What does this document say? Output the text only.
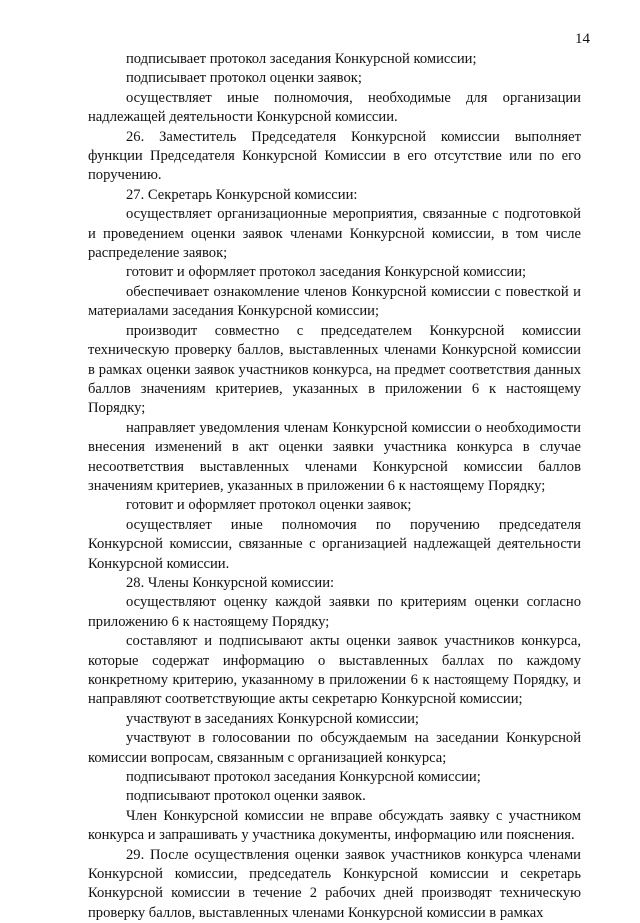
14

подписывает протокол заседания Конкурсной комиссии;

подписывает протокол оценки заявок;

осуществляет иные полномочия, необходимые для организации надлежащей деятельности Конкурсной комиссии.

26. Заместитель Председателя Конкурсной комиссии выполняет функции Председателя Конкурсной Комиссии в его отсутствие или по его поручению.

27. Секретарь Конкурсной комиссии:

осуществляет организационные мероприятия, связанные с подготовкой и проведением оценки заявок членами Конкурсной комиссии, в том числе распределение заявок;

готовит и оформляет протокол заседания Конкурсной комиссии;

обеспечивает ознакомление членов Конкурсной комиссии с повесткой и материалами заседания Конкурсной комиссии;

производит совместно с председателем Конкурсной комиссии техническую проверку баллов, выставленных членами Конкурсной комиссии в рамках оценки заявок участников конкурса, на предмет соответствия данных баллов значениям критериев, указанных в приложении 6 к настоящему Порядку;

направляет уведомления членам Конкурсной комиссии о необходимости внесения изменений в акт оценки заявки участника конкурса в случае несоответствия выставленных членами Конкурсной комиссии баллов значениям критериев, указанных в приложении 6 к настоящему Порядку;

готовит и оформляет протокол оценки заявок;

осуществляет иные полномочия по поручению председателя Конкурсной комиссии, связанные с организацией надлежащей деятельности Конкурсной комиссии.

28. Члены Конкурсной комиссии:

осуществляют оценку каждой заявки по критериям оценки согласно приложению 6 к настоящему Порядку;

составляют и подписывают акты оценки заявок участников конкурса, которые содержат информацию о выставленных баллах по каждому конкретному критерию, указанному в приложении 6 к настоящему Порядку, и направляют соответствующие акты секретарю Конкурсной комиссии;

участвуют в заседаниях Конкурсной комиссии;

участвуют в голосовании по обсуждаемым на заседании Конкурсной комиссии вопросам, связанным с организацией конкурса;

подписывают протокол заседания Конкурсной комиссии;

подписывают протокол оценки заявок.

Член Конкурсной комиссии не вправе обсуждать заявку с участником конкурса и запрашивать у участника документы, информацию или пояснения.

29. После осуществления оценки заявок участников конкурса членами Конкурсной комиссии, председатель Конкурсной комиссии и секретарь Конкурсной комиссии в течение 2 рабочих дней производят техническую проверку баллов, выставленных членами Конкурсной комиссии в рамках
